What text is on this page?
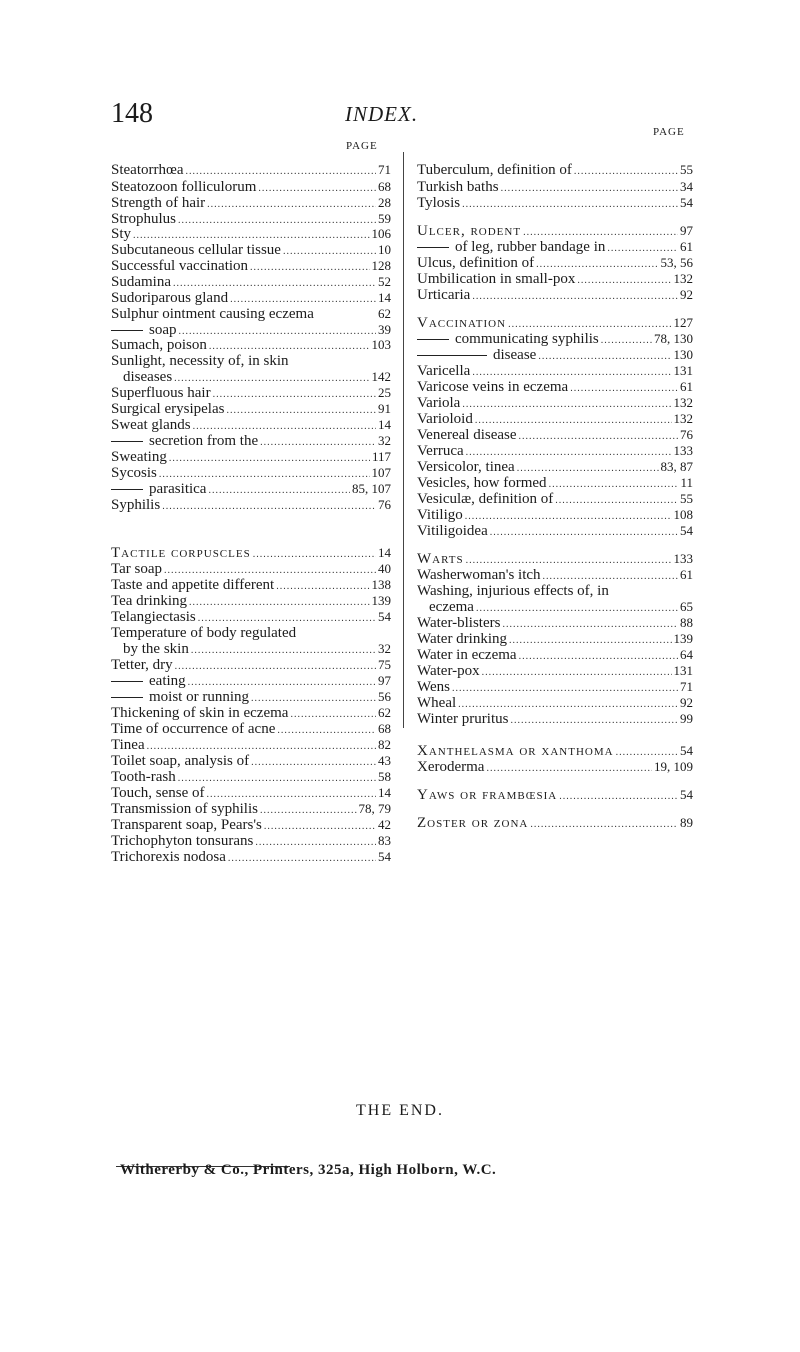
148	INDEX.
PAGE
PAGE
Steatorrhœa .....	71
Steatozoon folliculorum .....	68
Strength of hair .....	28
Strophulus .....	59
Sty .....	106
Subcutaneous cellular tissue .....	10
Successful vaccination .....	128
Sudamina .....	52
Sudoriparous gland .....	14
Sulphur ointment causing eczema	62
soap .....	39
Sumach, poison .....	103
Sunlight, necessity of, in skin
diseases .....	142
Superfluous hair .....	25
Surgical erysipelas .....	91
Sweat glands .....	14
secretion from the .....	32
Sweating .....	117
Sycosis .....	107
parasitica .....	85, 107
Syphilis .....	76
Tactile corpuscles .....	14
Tar soap .....	40
Taste and appetite different .....	138
Tea drinking .....	139
Telangiectasis .....	54
Temperature of body regulated
by the skin .....	32
Tetter, dry .....	75
eating .....	97
moist or running .....	56
Thickening of skin in eczema .....	62
Time of occurrence of acne .....	68
Tinea .....	82
Toilet soap, analysis of .....	43
Tooth-rash .....	58
Touch, sense of .....	14
Transmission of syphilis .....	78, 79
Transparent soap, Pears's .....	42
Trichophyton tonsurans .....	83
Trichorexis nodosa .....	54
Tuberculum, definition of .....	55
Turkish baths .....	34
Tylosis .....	54
Ulcer, rodent .....	97
of leg, rubber bandage in .....	61
Ulcus, definition of .....	53, 56
Umbilication in small-pox .....	132
Urticaria .....	92
Vaccination .....	127
communicating syphilis .....	78, 130
disease .....	130
Varicella .....	131
Varicose veins in eczema .....	61
Variola .....	132
Varioloid .....	132
Venereal disease .....	76
Verruca .....	133
Versicolor, tinea .....	83, 87
Vesicles, how formed .....	11
Vesiculæ, definition of .....	55
Vitiligo .....	108
Vitiligoidea .....	54
Warts .....	133
Washerwoman's itch .....	61
Washing, injurious effects of, in
eczema .....	65
Water-blisters .....	88
Water drinking .....	139
Water in eczema .....	64
Water-pox .....	131
Wens .....	71
Wheal .....	92
Winter pruritus .....	99
Xanthelasma or xanthoma .....	54
Xeroderma .....	19, 109
Yaws or frambœsia .....	54
Zoster or zona .....	89
THE END.
Withererby & Co., Printers, 325a, High Holborn, W.C.
